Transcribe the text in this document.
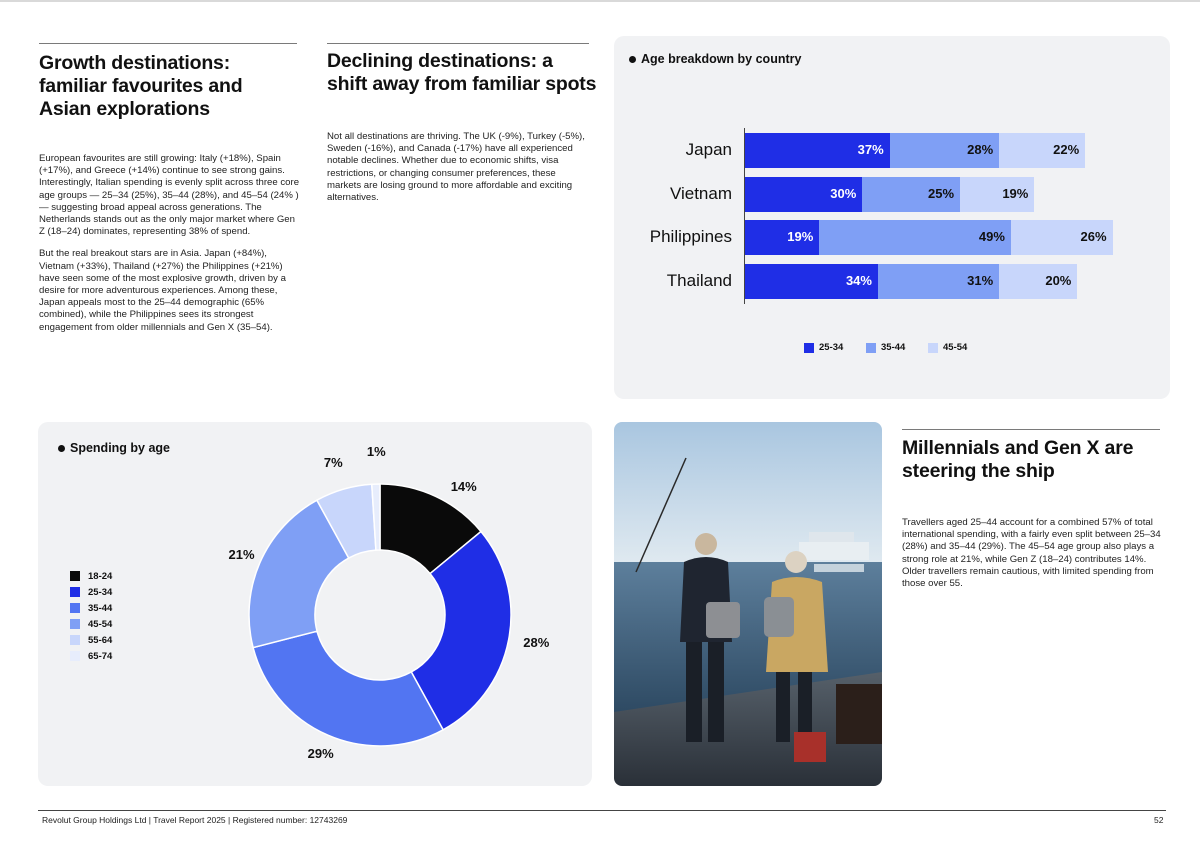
Growth destinations: familiar favourites and Asian explorations

European favourites are still growing: Italy (+18%), Spain (+17%), and Greece (+14%) continue to see strong gains. Interestingly, Italian spending is evenly split across three core age groups — 25–34 (25%), 35–44 (28%), and 45–54 (24% )— suggesting broad appeal across generations. The Netherlands stands out as the only major market where Gen Z (18–24) dominates, representing 38% of spend.

But the real breakout stars are in Asia. Japan (+84%), Vietnam (+33%), Thailand (+27%) the Philippines (+21%) have seen some of the most explosive growth, driven by a desire for more adventurous experiences. Among these, Japan appeals most to the 25–44 demographic (65% combined), while the Philippines sees its strongest engagement from older millennials and Gen X (35–54).

Declining destinations: a shift away from familiar spots

Not all destinations are thriving. The UK (-9%), Turkey (-5%), Sweden (-16%), and Canada (-17%) have all experienced notable declines. Whether due to economic shifts, visa restrictions, or changing consumer preferences, these markets are losing ground to more affordable and exciting alternatives.

Age breakdown by country
Japan	37%	28%	22%
Vietnam	30%	25%	19%
Philippines	19%	49%	26%
Thailand	34%	31%	20%
25-34	35-44	45-54
Spending by age
18-24
25-34
35-44
45-54
55-64
65-74
14%
28%
29%
21%
7%
1%	Millennials and Gen X are steering the ship

Travellers aged 25–44 account for a combined 57% of total international spending, with a fairly even split between 25–34 (28%) and 35–44 (29%). The 45–54 age group also plays a strong role at 21%, while Gen Z (18–24) contributes 14%. Older travellers remain cautious, with limited spending from those over 55.

Revolut Group Holdings Ltd | Travel Report 2025 | Registered number: 12743269	52
